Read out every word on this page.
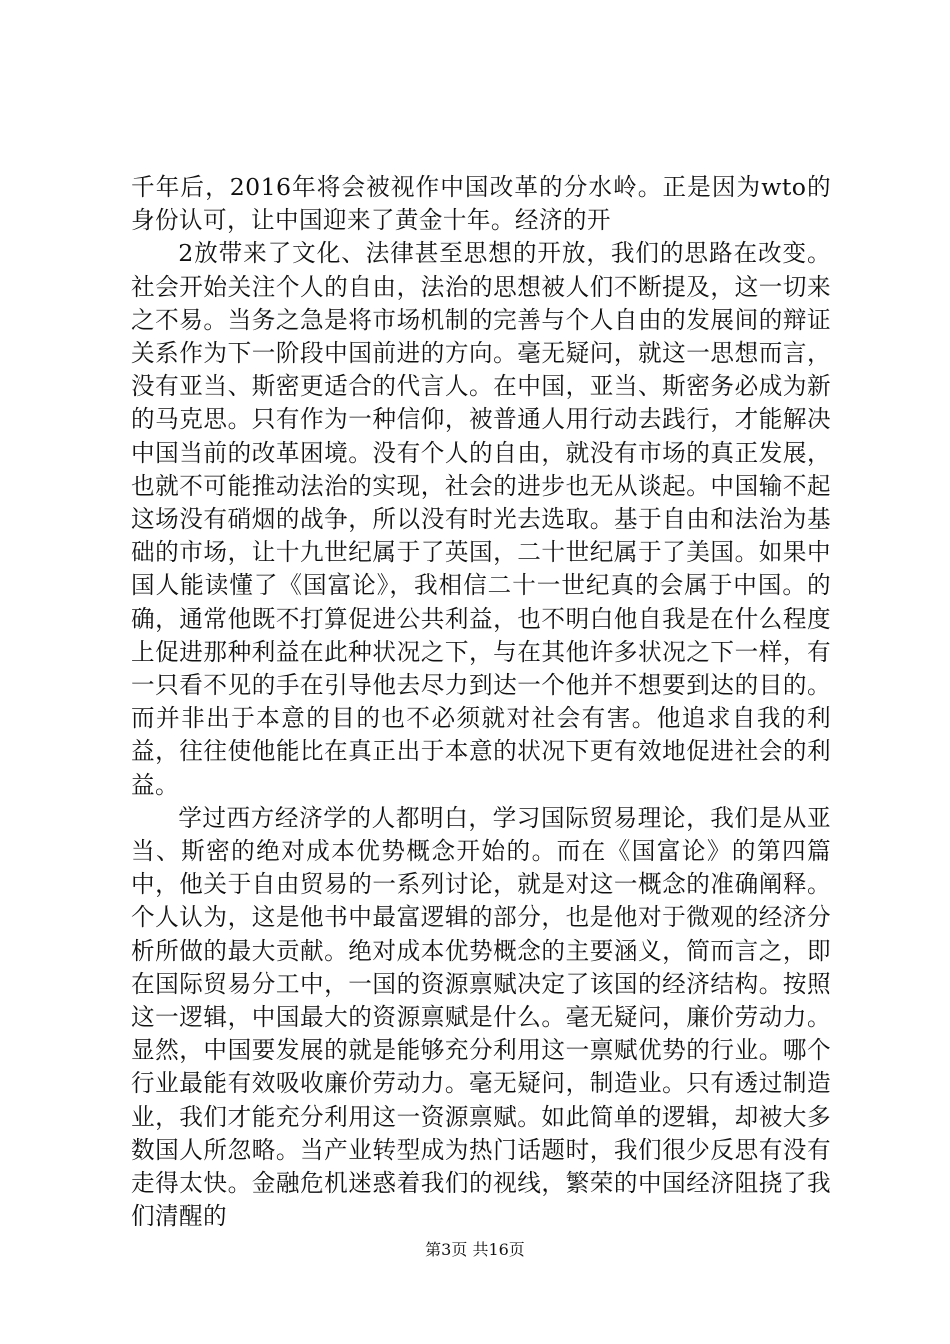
千年后，2016年将会被视作中国改革的分水岭。正是因为wto的身份认可，让中国迎来了黄金十年。经济的开

2放带来了文化、法律甚至思想的开放，我们的思路在改变。社会开始关注个人的自由，法治的思想被人们不断提及，这一切来之不易。当务之急是将市场机制的完善与个人自由的发展间的辩证关系作为下一阶段中国前进的方向。毫无疑问，就这一思想而言，没有亚当、斯密更适合的代言人。在中国，亚当、斯密务必成为新的马克思。只有作为一种信仰，被普通人用行动去践行，才能解决中国当前的改革困境。没有个人的自由，就没有市场的真正发展，也就不可能推动法治的实现，社会的进步也无从谈起。中国输不起这场没有硝烟的战争，所以没有时光去选取。基于自由和法治为基础的市场，让十九世纪属于了英国，二十世纪属于了美国。如果中国人能读懂了《国富论》，我相信二十一世纪真的会属于中国。的确，通常他既不打算促进公共利益，也不明白他自我是在什么程度上促进那种利益在此种状况之下，与在其他许多状况之下一样，有一只看不见的手在引导他去尽力到达一个他并不想要到达的目的。而并非出于本意的目的也不必须就对社会有害。他追求自我的利益，往往使他能比在真正出于本意的状况下更有效地促进社会的利益。

学过西方经济学的人都明白，学习国际贸易理论，我们是从亚当、斯密的绝对成本优势概念开始的。而在《国富论》的第四篇中，他关于自由贸易的一系列讨论，就是对这一概念的准确阐释。个人认为，这是他书中最富逻辑的部分，也是他对于微观的经济分析所做的最大贡献。绝对成本优势概念的主要涵义，简而言之，即在国际贸易分工中，一国的资源禀赋决定了该国的经济结构。按照这一逻辑，中国最大的资源禀赋是什么。毫无疑问，廉价劳动力。显然，中国要发展的就是能够充分利用这一禀赋优势的行业。哪个行业最能有效吸收廉价劳动力。毫无疑问，制造业。只有透过制造业，我们才能充分利用这一资源禀赋。如此简单的逻辑，却被大多数国人所忽略。当产业转型成为热门话题时，我们很少反思有没有走得太快。金融危机迷惑着我们的视线，繁荣的中国经济阻挠了我们清醒的

第3页 共16页
